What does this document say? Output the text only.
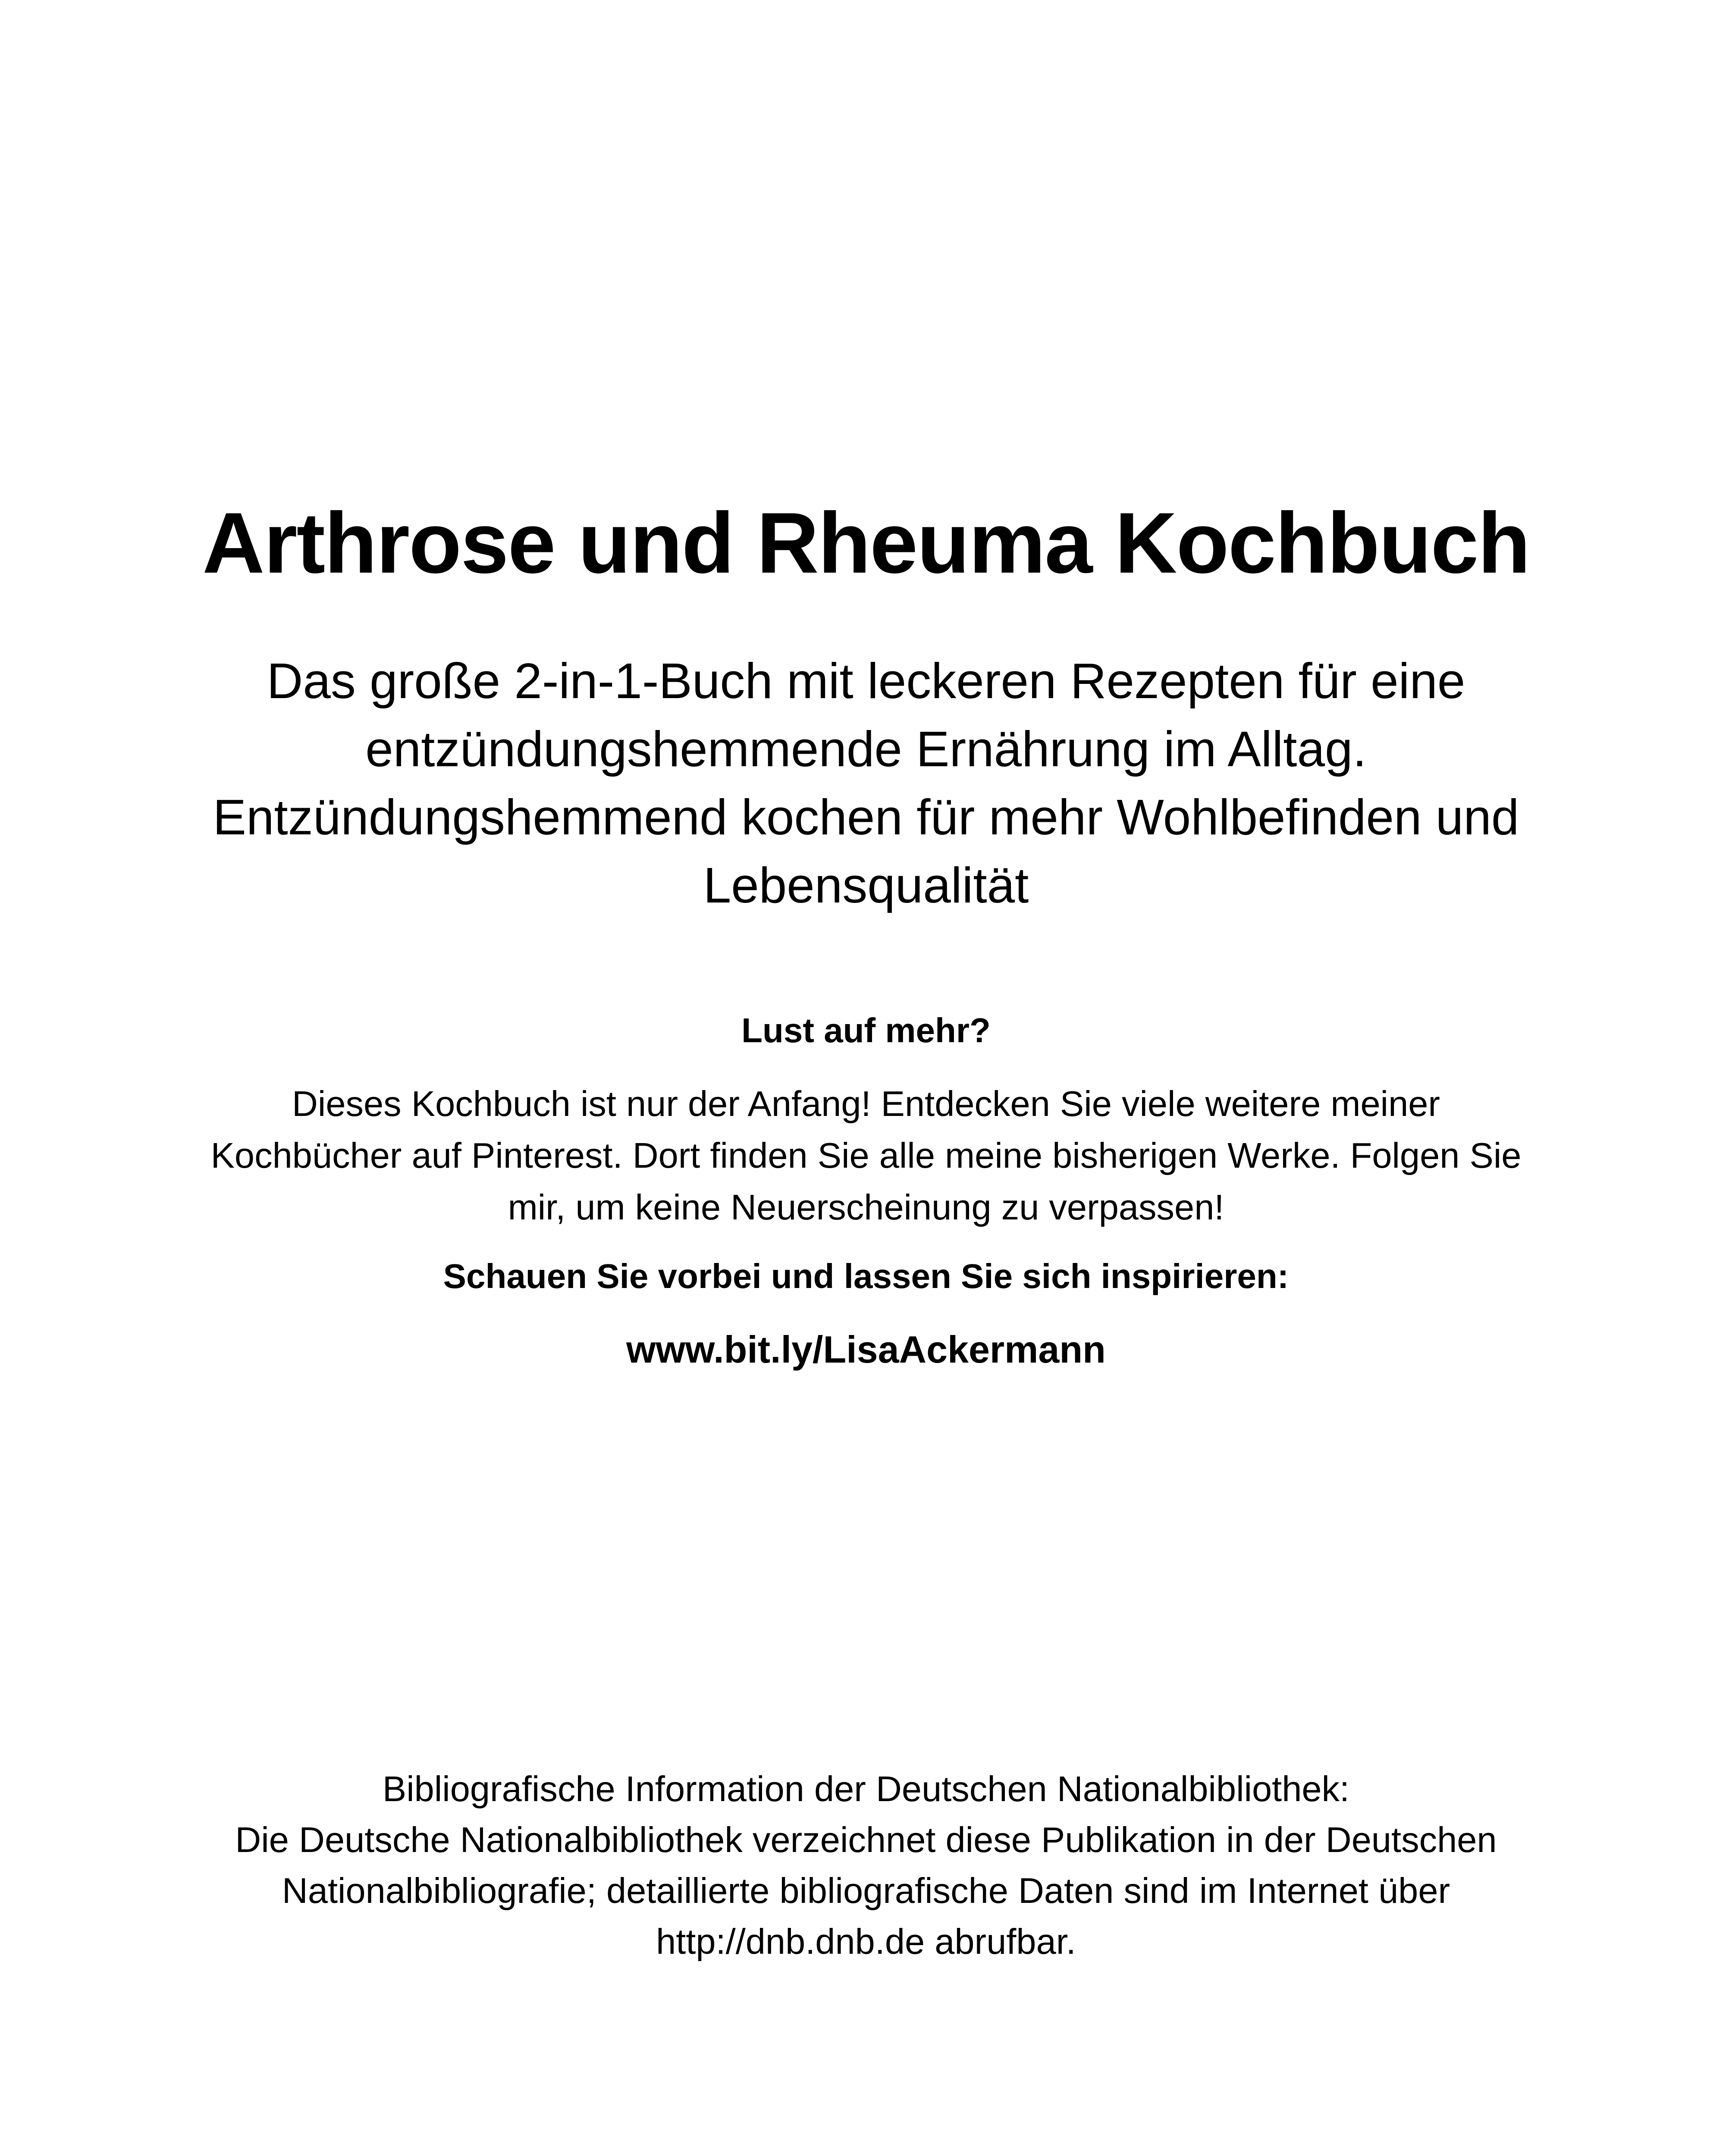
Arthrose und Rheuma Kochbuch

Das große 2-in-1-Buch mit leckeren Rezepten für eine entzündungshemmende Ernährung im Alltag. Entzündungshemmend kochen für mehr Wohlbefinden und Lebensqualität

Lust auf mehr?

Dieses Kochbuch ist nur der Anfang! Entdecken Sie viele weitere meiner Kochbücher auf Pinterest. Dort finden Sie alle meine bisherigen Werke. Folgen Sie mir, um keine Neuerscheinung zu verpassen!

Schauen Sie vorbei und lassen Sie sich inspirieren:

www.bit.ly/LisaAckermann

Bibliografische Information der Deutschen Nationalbibliothek:
Die Deutsche Nationalbibliothek verzeichnet diese Publikation in der Deutschen Nationalbibliografie; detaillierte bibliografische Daten sind im Internet über http://dnb.dnb.de abrufbar.
